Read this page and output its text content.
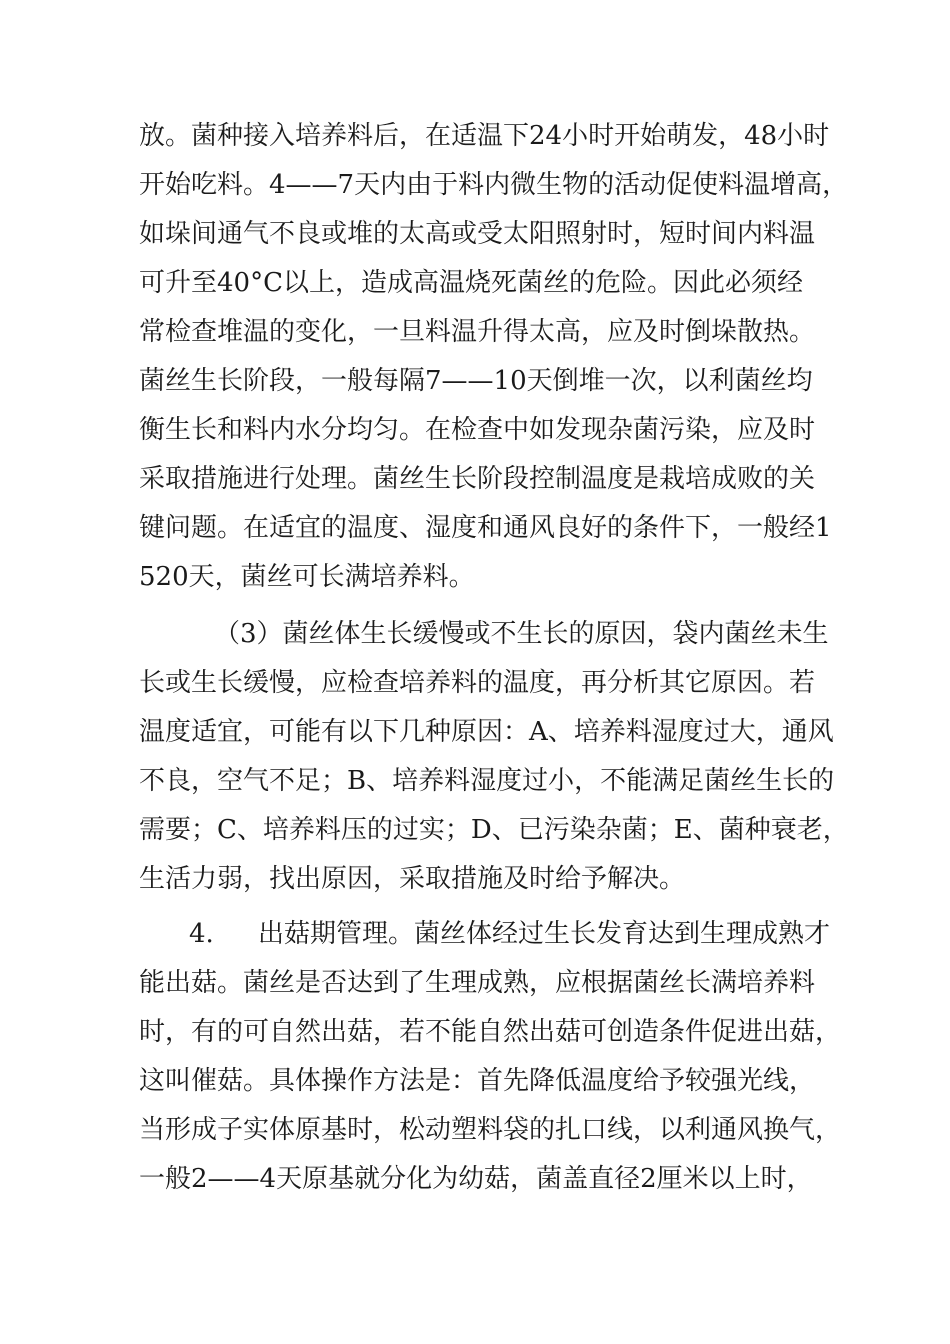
放。菌种接入培养料后，在适温下24小时开始萌发，48小时
开始吃料。4——7天内由于料内微生物的活动促使料温增高，
如垛间通气不良或堆的太高或受太阳照射时，短时间内料温
可升至40°C以上，造成高温烧死菌丝的危险。因此必须经
常检查堆温的变化，一旦料温升得太高，应及时倒垛散热。
菌丝生长阶段，一般每隔7——10天倒堆一次，以利菌丝均
衡生长和料内水分均匀。在检查中如发现杂菌污染，应及时
采取措施进行处理。菌丝生长阶段控制温度是栽培成败的关
键问题。在适宜的温度、湿度和通风良好的条件下，一般经1
520天，菌丝可长满培养料。
（3）菌丝体生长缓慢或不生长的原因，袋内菌丝未生
长或生长缓慢，应检查培养料的温度，再分析其它原因。若
温度适宜，可能有以下几种原因：A、培养料湿度过大，通风
不良，空气不足；B、培养料湿度过小，不能满足菌丝生长的
需要；C、培养料压的过实；D、已污染杂菌；E、菌种衰老，
生活力弱，找出原因，采取措施及时给予解决。
4. 出菇期管理。菌丝体经过生长发育达到生理成熟才
能出菇。菌丝是否达到了生理成熟，应根据菌丝长满培养料
时，有的可自然出菇，若不能自然出菇可创造条件促进出菇，
这叫催菇。具体操作方法是：首先降低温度给予较强光线，
当形成子实体原基时，松动塑料袋的扎口线，以利通风换气，
一般2——4天原基就分化为幼菇，菌盖直径2厘米以上时，
